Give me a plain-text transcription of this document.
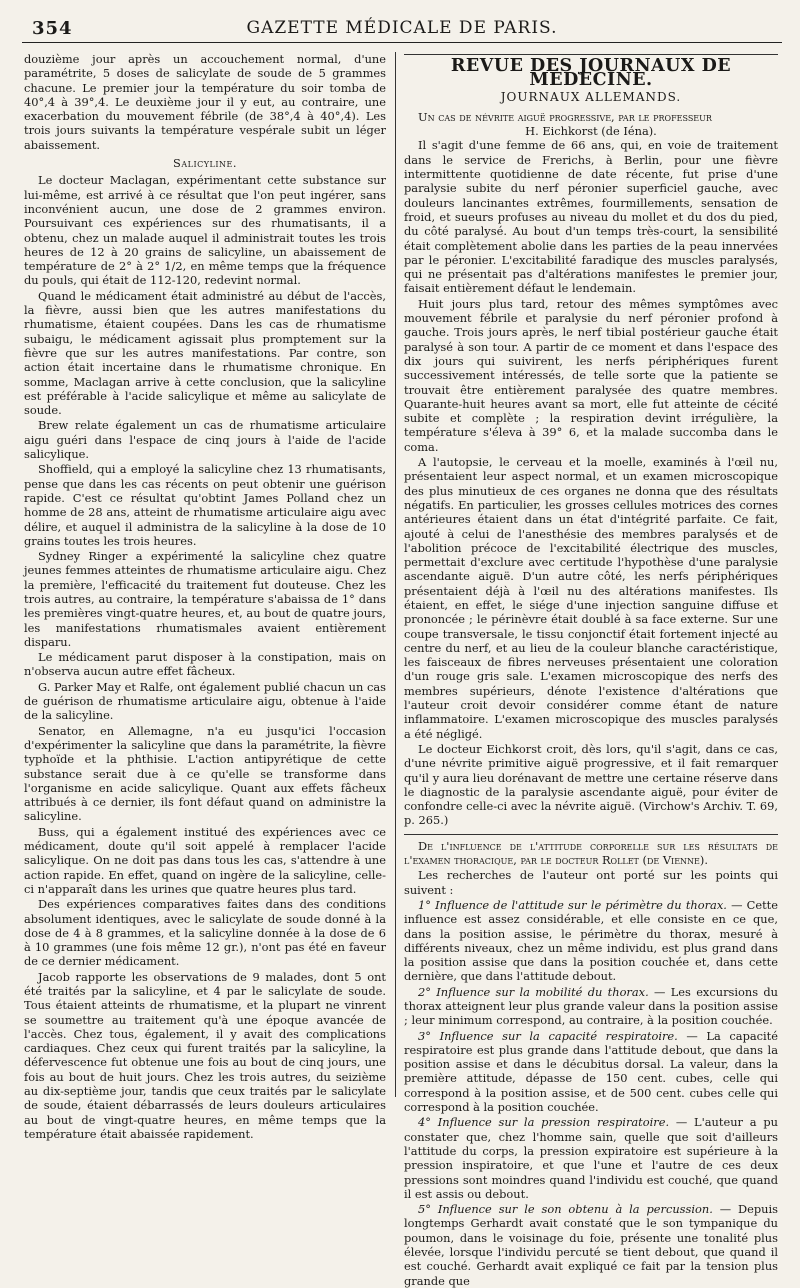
354	GAZETTE MÉDICALE DE PARIS.

douzième jour après un accouchement normal, d'une paramétrite, 5 doses de salicylate de soude de 5 grammes chacune. Le premier jour la température du soir tomba de 40°,4 à 39°,4. Le deuxième jour il y eut, au contraire, une exacerbation du mouvement fébrile (de 38°,4 à 40°,4). Les trois jours suivants la température vespérale subit un léger abaissement.

Salicyline.

Le docteur Maclagan, expérimentant cette substance sur lui-même, est arrivé à ce résultat que l'on peut ingérer, sans inconvénient aucun, une dose de 2 grammes environ. Poursuivant ces expériences sur des rhumatisants, il a obtenu, chez un malade auquel il administrait toutes les trois heures de 12 à 20 grains de salicyline, un abaissement de température de 2° à 2° 1/2, en même temps que la fréquence du pouls, qui était de 112-120, redevint normal.

Quand le médicament était administré au début de l'accès, la fièvre, aussi bien que les autres manifestations du rhumatisme, étaient coupées. Dans les cas de rhumatisme subaigu, le médicament agissait plus promptement sur la fièvre que sur les autres manifestations. Par contre, son action était incertaine dans le rhumatisme chronique. En somme, Maclagan arrive à cette conclusion, que la salicyline est préférable à l'acide salicylique et même au salicylate de soude.

Brew relate également un cas de rhumatisme articulaire aigu guéri dans l'espace de cinq jours à l'aide de l'acide salicylique.

Shoffield, qui a employé la salicyline chez 13 rhumatisants, pense que dans les cas récents on peut obtenir une guérison rapide. C'est ce résultat qu'obtint James Polland chez un homme de 28 ans, atteint de rhumatisme articulaire aigu avec délire, et auquel il administra de la salicyline à la dose de 10 grains toutes les trois heures.

Sydney Ringer a expérimenté la salicyline chez quatre jeunes femmes atteintes de rhumatisme articulaire aigu. Chez la première, l'efficacité du traitement fut douteuse. Chez les trois autres, au contraire, la température s'abaissa de 1° dans les premières vingt-quatre heures, et, au bout de quatre jours, les manifestations rhumatismales avaient entièrement disparu.

Le médicament parut disposer à la constipation, mais on n'observa aucun autre effet fâcheux.

G. Parker May et Ralfe, ont également publié chacun un cas de guérison de rhumatisme articulaire aigu, obtenue à l'aide de la salicyline.

Senator, en Allemagne, n'a eu jusqu'ici l'occasion d'expérimenter la salicyline que dans la paramétrite, la fièvre typhoïde et la phthisie. L'action antipyrétique de cette substance serait due à ce qu'elle se transforme dans l'organisme en acide salicylique. Quant aux effets fâcheux attribués à ce dernier, ils font défaut quand on administre la salicyline.

Buss, qui a également institué des expériences avec ce médicament, doute qu'il soit appelé à remplacer l'acide salicylique. On ne doit pas dans tous les cas, s'attendre à une action rapide. En effet, quand on ingère de la salicyline, celle-ci n'apparaît dans les urines que quatre heures plus tard.

Des expériences comparatives faites dans des conditions absolument identiques, avec le salicylate de soude donné à la dose de 4 à 8 grammes, et la salicyline donnée à la dose de 6 à 10 grammes (une fois même 12 gr.), n'ont pas été en faveur de ce dernier médicament.

Jacob rapporte les observations de 9 malades, dont 5 ont été traités par la salicyline, et 4 par le salicylate de soude. Tous étaient atteints de rhumatisme, et la plupart ne vinrent se soumettre au traitement qu'à une époque avancée de l'accès. Chez tous, également, il y avait des complications cardiaques. Chez ceux qui furent traités par la salicyline, la défervescence fut obtenue une fois au bout de cinq jours, une fois au bout de huit jours. Chez les trois autres, du seizième au dix-septième jour, tandis que ceux traités par le salicylate de soude, étaient débarrassés de leurs douleurs articulaires au bout de vingt-quatre heures, en même temps que la température était abaissée rapidement.

REVUE DES JOURNAUX DE MÉDECINE.
JOURNAUX ALLEMANDS.
Un cas de névrite aiguë progressive, par le professeur
H. Eichkorst (de Iéna).

Il s'agit d'une femme de 66 ans, qui, en voie de traitement dans le service de Frerichs, à Berlin, pour une fièvre intermittente quotidienne de date récente, fut prise d'une paralysie subite du nerf péronier superficiel gauche, avec douleurs lancinantes extrêmes, fourmillements, sensation de froid, et sueurs profuses au niveau du mollet et du dos du pied, du côté paralysé. Au bout d'un temps très-court, la sensibilité était complètement abolie dans les parties de la peau innervées par le péronier. L'excitabilité faradique des muscles paralysés, qui ne présentait pas d'altérations manifestes le premier jour, faisait entièrement défaut le lendemain.

Huit jours plus tard, retour des mêmes symptômes avec mouvement fébrile et paralysie du nerf péronier profond à gauche. Trois jours après, le nerf tibial postérieur gauche était paralysé à son tour. A partir de ce moment et dans l'espace des dix jours qui suivirent, les nerfs périphériques furent successivement intéressés, de telle sorte que la patiente se trouvait être entièrement paralysée des quatre membres. Quarante-huit heures avant sa mort, elle fut atteinte de cécité subite et complète ; la respiration devint irrégulière, la température s'éleva à 39° 6, et la malade succomba dans le coma.

A l'autopsie, le cerveau et la moelle, examinés à l'œil nu, présentaient leur aspect normal, et un examen microscopique des plus minutieux de ces organes ne donna que des résultats négatifs. En particulier, les grosses cellules motrices des cornes antérieures étaient dans un état d'intégrité parfaite. Ce fait, ajouté à celui de l'anesthésie des membres paralysés et de l'abolition précoce de l'excitabilité électrique des muscles, permettait d'exclure avec certitude l'hypothèse d'une paralysie ascendante aiguë. D'un autre côté, les nerfs périphériques présentaient déjà à l'œil nu des altérations manifestes. Ils étaient, en effet, le siége d'une injection sanguine diffuse et prononcée ; le périnèvre était doublé à sa face externe. Sur une coupe transversale, le tissu conjonctif était fortement injecté au centre du nerf, et au lieu de la couleur blanche caractéristique, les faisceaux de fibres nerveuses présentaient une coloration d'un rouge gris sale. L'examen microscopique des nerfs des membres supérieurs, dénote l'existence d'altérations que l'auteur croit devoir considérer comme étant de nature inflammatoire. L'examen microscopique des muscles paralysés a été négligé.

Le docteur Eichkorst croit, dès lors, qu'il s'agit, dans ce cas, d'une névrite primitive aiguë progressive, et il fait remarquer qu'il y aura lieu dorénavant de mettre une certaine réserve dans le diagnostic de la paralysie ascendante aiguë, pour éviter de confondre celle-ci avec la névrite aiguë. (Virchow's Archiv. T. 69, p. 265.)

De l'influence de l'attitude corporelle sur les résultats de l'examen thoracique, par le docteur Rollet (de Vienne).

Les recherches de l'auteur ont porté sur les points qui suivent :

1° Influence de l'attitude sur le périmètre du thorax. — Cette influence est assez considérable, et elle consiste en ce que, dans la position assise, le périmètre du thorax, mesuré à différents niveaux, chez un même individu, est plus grand dans la position assise que dans la position couchée et, dans cette dernière, que dans l'attitude debout.

2° Influence sur la mobilité du thorax. — Les excursions du thorax atteignent leur plus grande valeur dans la position assise ; leur minimum correspond, au contraire, à la position couchée.

3° Influence sur la capacité respiratoire. — La capacité respiratoire est plus grande dans l'attitude debout, que dans la position assise et dans le décubitus dorsal. La valeur, dans la première attitude, dépasse de 150 cent. cubes, celle qui correspond à la position assise, et de 500 cent. cubes celle qui correspond à la position couchée.

4° Influence sur la pression respiratoire. — L'auteur a pu constater que, chez l'homme sain, quelle que soit d'ailleurs l'attitude du corps, la pression expiratoire est supérieure à la pression inspiratoire, et que l'une et l'autre de ces deux pressions sont moindres quand l'individu est couché, que quand il est assis ou debout.

5° Influence sur le son obtenu à la percussion. — Depuis longtemps Gerhardt avait constaté que le son tympanique du poumon, dans le voisinage du foie, présente une tonalité plus élevée, lorsque l'individu percuté se tient debout, que quand il est couché. Gerhardt avait expliqué ce fait par la tension plus grande que
